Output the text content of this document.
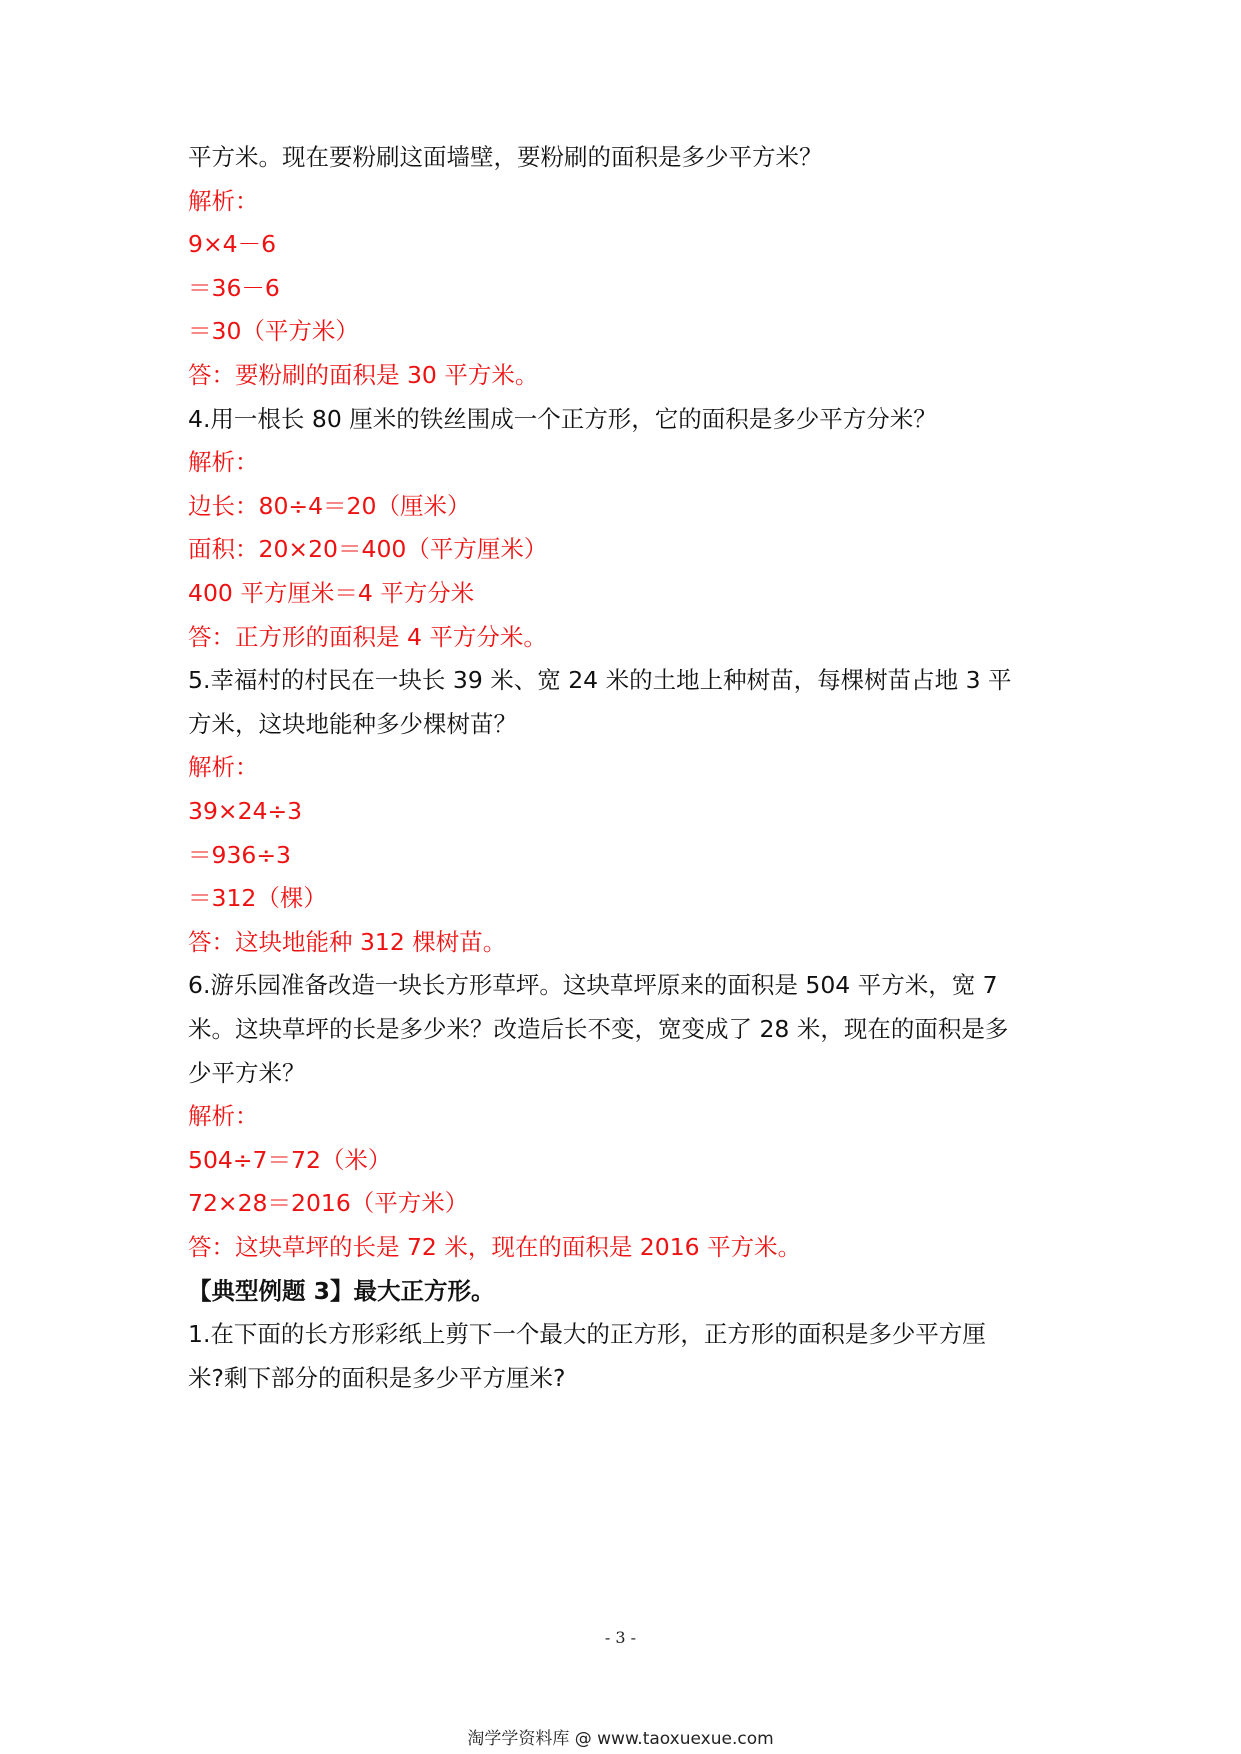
平方米。现在要粉刷这面墙壁，要粉刷的面积是多少平方米？
解析：
9×4－6
＝36－6
＝30（平方米）
答：要粉刷的面积是 30 平方米。
4.用一根长 80 厘米的铁丝围成一个正方形，它的面积是多少平方分米？
解析：
边长：80÷4＝20（厘米）
面积：20×20＝400（平方厘米）
400 平方厘米＝4 平方分米
答：正方形的面积是 4 平方分米。
5.幸福村的村民在一块长 39 米、宽 24 米的土地上种树苗，每棵树苗占地 3 平
方米，这块地能种多少棵树苗？
解析：
39×24÷3
＝936÷3
＝312（棵）
答：这块地能种 312 棵树苗。
6.游乐园准备改造一块长方形草坪。这块草坪原来的面积是 504 平方米，宽 7
米。这块草坪的长是多少米？改造后长不变，宽变成了 28 米，现在的面积是多
少平方米？
解析：
504÷7＝72（米）
72×28＝2016（平方米）
答：这块草坪的长是 72 米，现在的面积是 2016 平方米。
【典型例题 3】最大正方形。
1.在下面的长方形彩纸上剪下一个最大的正方形，正方形的面积是多少平方厘
米?剩下部分的面积是多少平方厘米?
- 3 -
淘学学资料库 @ www.taoxuexue.com
